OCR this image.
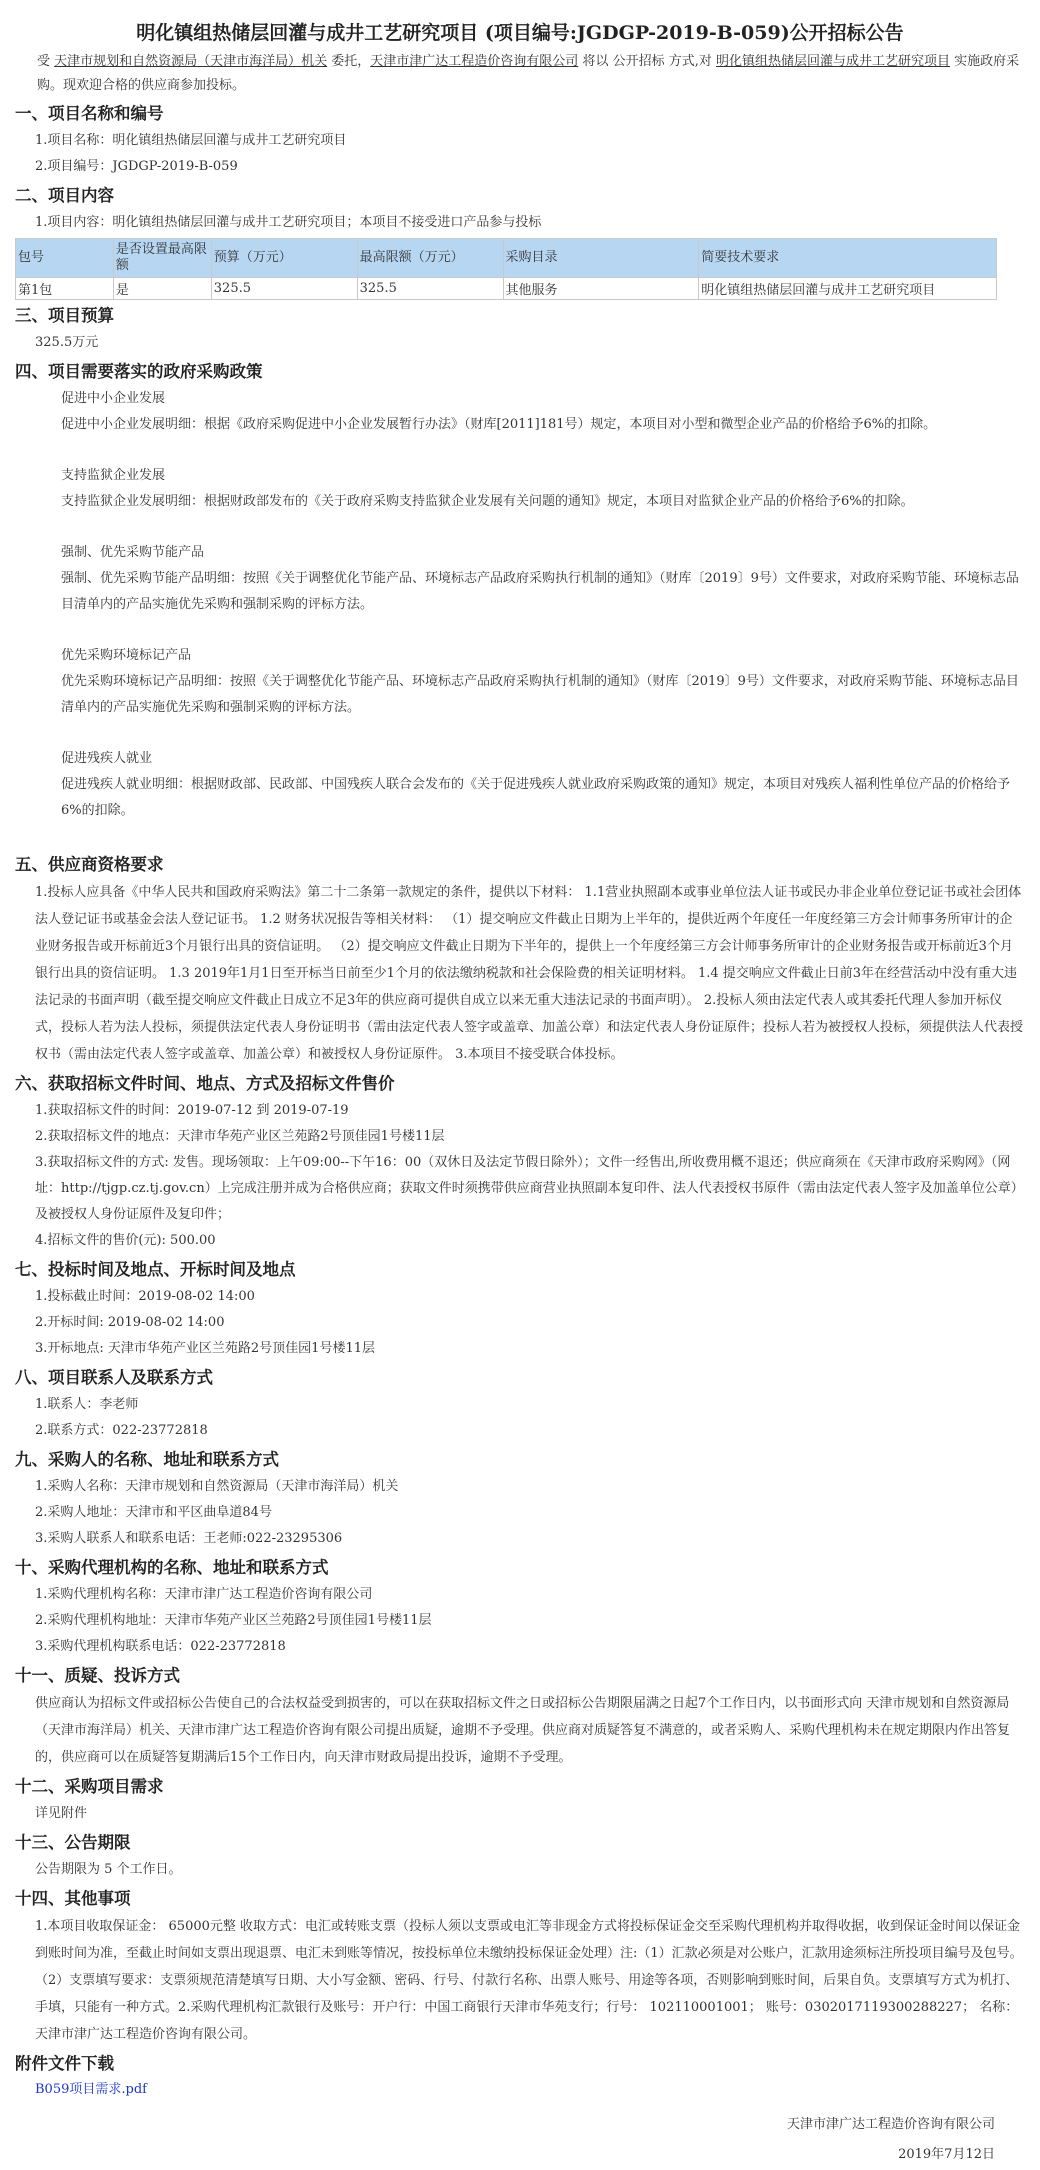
明化镇组热储层回灌与成井工艺研究项目 (项目编号:JGDGP-2019-B-059)公开招标公告
受 天津市规划和自然资源局（天津市海洋局）机关 委托，天津市津广达工程造价咨询有限公司 将以 公开招标 方式,对 明化镇组热储层回灌与成井工艺研究项目 实施政府采购。现欢迎合格的供应商参加投标。
一、项目名称和编号

1.项目名称：明化镇组热储层回灌与成井工艺研究项目

2.项目编号：JGDGP-2019-B-059

二、项目内容

1.项目内容：明化镇组热储层回灌与成井工艺研究项目；本项目不接受进口产品参与投标

包号	是否设置最高限额	预算（万元）	最高限额（万元）	采购目录	简要技术要求
第1包	是	325.5	325.5	其他服务	明化镇组热储层回灌与成井工艺研究项目
三、项目预算

325.5万元

四、项目需要落实的政府采购政策

促进中小企业发展

促进中小企业发展明细：根据《政府采购促进中小企业发展暂行办法》（财库[2011]181号）规定，本项目对小型和微型企业产品的价格给予6%的扣除。

支持监狱企业发展

支持监狱企业发展明细：根据财政部发布的《关于政府采购支持监狱企业发展有关问题的通知》规定，本项目对监狱企业产品的价格给予6%的扣除。

强制、优先采购节能产品

强制、优先采购节能产品明细：按照《关于调整优化节能产品、环境标志产品政府采购执行机制的通知》（财库〔2019〕9号）文件要求，对政府采购节能、环境标志品目清单内的产品实施优先采购和强制采购的评标方法。

优先采购环境标记产品

优先采购环境标记产品明细：按照《关于调整优化节能产品、环境标志产品政府采购执行机制的通知》（财库〔2019〕9号）文件要求，对政府采购节能、环境标志品目清单内的产品实施优先采购和强制采购的评标方法。

促进残疾人就业

促进残疾人就业明细：根据财政部、民政部、中国残疾人联合会发布的《关于促进残疾人就业政府采购政策的通知》规定，本项目对残疾人福利性单位产品的价格给予6%的扣除。

五、供应商资格要求
1.投标人应具备《中华人民共和国政府采购法》第二十二条第一款规定的条件，提供以下材料： 1.1营业执照副本或事业单位法人证书或民办非企业单位登记证书或社会团体法人登记证书或基金会法人登记证书。 1.2 财务状况报告等相关材料： （1）提交响应文件截止日期为上半年的，提供近两个年度任一年度经第三方会计师事务所审计的企业财务报告或开标前近3个月银行出具的资信证明。 （2）提交响应文件截止日期为下半年的，提供上一个年度经第三方会计师事务所审计的企业财务报告或开标前近3个月银行出具的资信证明。 1.3 2019年1月1日至开标当日前至少1个月的依法缴纳税款和社会保险费的相关证明材料。 1.4 提交响应文件截止日前3年在经营活动中没有重大违法记录的书面声明（截至提交响应文件截止日成立不足3年的供应商可提供自成立以来无重大违法记录的书面声明）。 2.投标人须由法定代表人或其委托代理人参加开标仪式，投标人若为法人投标，须提供法定代表人身份证明书（需由法定代表人签字或盖章、加盖公章）和法定代表人身份证原件；投标人若为被授权人投标，须提供法人代表授权书（需由法定代表人签字或盖章、加盖公章）和被授权人身份证原件。 3.本项目不接受联合体投标。
六、获取招标文件时间、地点、方式及招标文件售价

1.获取招标文件的时间：2019-07-12 到 2019-07-19

2.获取招标文件的地点：天津市华苑产业区兰苑路2号顶佳园1号楼11层

3.获取招标文件的方式: 发售。现场领取：上午09:00--下午16：00（双休日及法定节假日除外）；文件一经售出,所收费用概不退还；供应商须在《天津市政府采购网》（网址：http://tjgp.cz.tj.gov.cn）上完成注册并成为合格供应商；获取文件时须携带供应商营业执照副本复印件、法人代表授权书原件（需由法定代表人签字及加盖单位公章）及被授权人身份证原件及复印件；

4.招标文件的售价(元): 500.00

七、投标时间及地点、开标时间及地点

1.投标截止时间：2019-08-02 14:00

2.开标时间: 2019-08-02 14:00

3.开标地点: 天津市华苑产业区兰苑路2号顶佳园1号楼11层

八、项目联系人及联系方式

1.联系人：李老师

2.联系方式：022-23772818

九、采购人的名称、地址和联系方式

1.采购人名称：天津市规划和自然资源局（天津市海洋局）机关

2.采购人地址：天津市和平区曲阜道84号

3.采购人联系人和联系电话：王老师:022-23295306

十、采购代理机构的名称、地址和联系方式

1.采购代理机构名称：天津市津广达工程造价咨询有限公司

2.采购代理机构地址：天津市华苑产业区兰苑路2号顶佳园1号楼11层

3.采购代理机构联系电话：022-23772818

十一、质疑、投诉方式
供应商认为招标文件或招标公告使自己的合法权益受到损害的，可以在获取招标文件之日或招标公告期限届满之日起7个工作日内，以书面形式向 天津市规划和自然资源局（天津市海洋局）机关、天津市津广达工程造价咨询有限公司提出质疑，逾期不予受理。供应商对质疑答复不满意的，或者采购人、采购代理机构未在规定期限内作出答复的，供应商可以在质疑答复期满后15个工作日内，向天津市财政局提出投诉，逾期不予受理。
十二、采购项目需求

详见附件

十三、公告期限

公告期限为 5 个工作日。

十四、其他事项
1.本项目收取保证金： 65000元整 收取方式：电汇或转账支票（投标人须以支票或电汇等非现金方式将投标保证金交至采购代理机构并取得收据，收到保证金时间以保证金到账时间为准，至截止时间如支票出现退票、电汇未到账等情况，按投标单位未缴纳投标保证金处理）注:（1）汇款必须是对公账户，汇款用途须标注所投项目编号及包号。（2）支票填写要求：支票须规范清楚填写日期、大小写金额、密码、行号、付款行名称、出票人账号、用途等各项，否则影响到账时间，后果自负。支票填写方式为机打、手填，只能有一种方式。2.采购代理机构汇款银行及账号：开户行：中国工商银行天津市华苑支行；行号： 102110001001； 账号：0302017119300288227； 名称： 天津市津广达工程造价咨询有限公司。
附件文件下载
B059项目需求.pdf
天津市津广达工程造价咨询有限公司
2019年7月12日
